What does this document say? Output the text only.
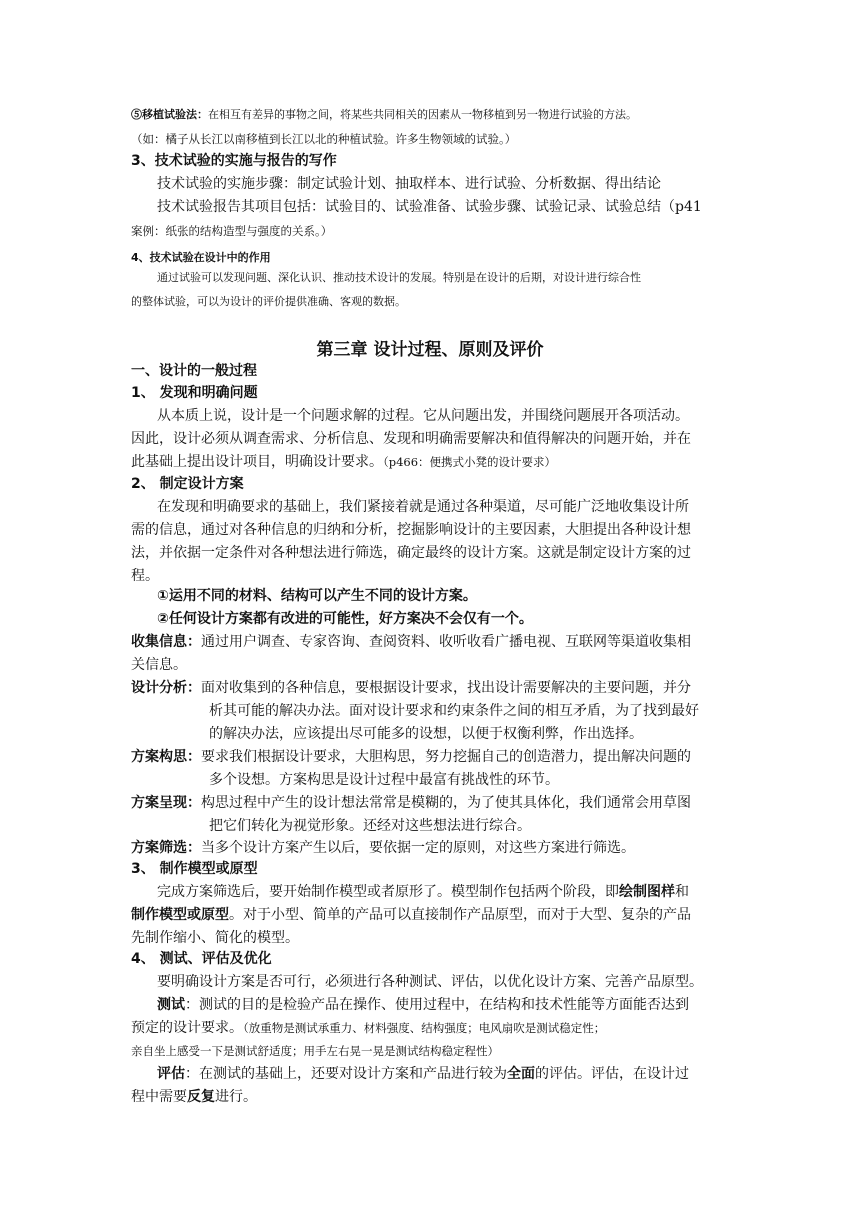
⑤移植试验法：在相互有差异的事物之间，将某些共同相关的因素从一物移植到另一物进行试验的方法。
（如：橘子从长江以南移植到长江以北的种植试验。许多生物领域的试验。）
3、技术试验的实施与报告的写作
技术试验的实施步骤：制定试验计划、抽取样本、进行试验、分析数据、得出结论
技术试验报告其项目包括：试验目的、试验准备、试验步骤、试验记录、试验总结（p41
案例：纸张的结构造型与强度的关系。）
4、技术试验在设计中的作用
通过试验可以发现问题、深化认识、推动技术设计的发展。特别是在设计的后期，对设计进行综合性
的整体试验，可以为设计的评价提供准确、客观的数据。
第三章 设计过程、原则及评价
一、设计的一般过程
1、 发现和明确问题
从本质上说，设计是一个问题求解的过程。它从问题出发，并围绕问题展开各项活动。
因此，设计必须从调查需求、分析信息、发现和明确需要解决和值得解决的问题开始，并在
此基础上提出设计项目，明确设计要求。（p466：便携式小凳的设计要求）
2、 制定设计方案
在发现和明确要求的基础上，我们紧接着就是通过各种渠道，尽可能广泛地收集设计所
需的信息，通过对各种信息的归纳和分析，挖掘影响设计的主要因素，大胆提出各种设计想
法，并依据一定条件对各种想法进行筛选，确定最终的设计方案。这就是制定设计方案的过
程。
①运用不同的材料、结构可以产生不同的设计方案。
②任何设计方案都有改进的可能性，好方案决不会仅有一个。
收集信息：通过用户调查、专家咨询、查阅资料、收听收看广播电视、互联网等渠道收集相
关信息。
设计分析：面对收集到的各种信息，要根据设计要求，找出设计需要解决的主要问题，并分
析其可能的解决办法。面对设计要求和约束条件之间的相互矛盾，为了找到最好
的解决办法，应该提出尽可能多的设想，以便于权衡利弊，作出选择。
方案构思：要求我们根据设计要求，大胆构思，努力挖掘自己的创造潜力，提出解决问题的
多个设想。方案构思是设计过程中最富有挑战性的环节。
方案呈现：构思过程中产生的设计想法常常是模糊的，为了使其具体化，我们通常会用草图
把它们转化为视觉形象。还经对这些想法进行综合。
方案筛选：当多个设计方案产生以后，要依据一定的原则，对这些方案进行筛选。
3、 制作模型或原型
完成方案筛选后，要开始制作模型或者原形了。模型制作包括两个阶段，即绘制图样和
制作模型或原型。对于小型、简单的产品可以直接制作产品原型，而对于大型、复杂的产品
先制作缩小、简化的模型。
4、 测试、评估及优化
要明确设计方案是否可行，必须进行各种测试、评估，以优化设计方案、完善产品原型。
测试：测试的目的是检验产品在操作、使用过程中，在结构和技术性能等方面能否达到
预定的设计要求。（放重物是测试承重力、材料强度、结构强度；电风扇吹是测试稳定性；
亲自坐上感受一下是测试舒适度；用手左右晃一晃是测试结构稳定程性）
评估：在测试的基础上，还要对设计方案和产品进行较为全面的评估。评估，在设计过
程中需要反复进行。
